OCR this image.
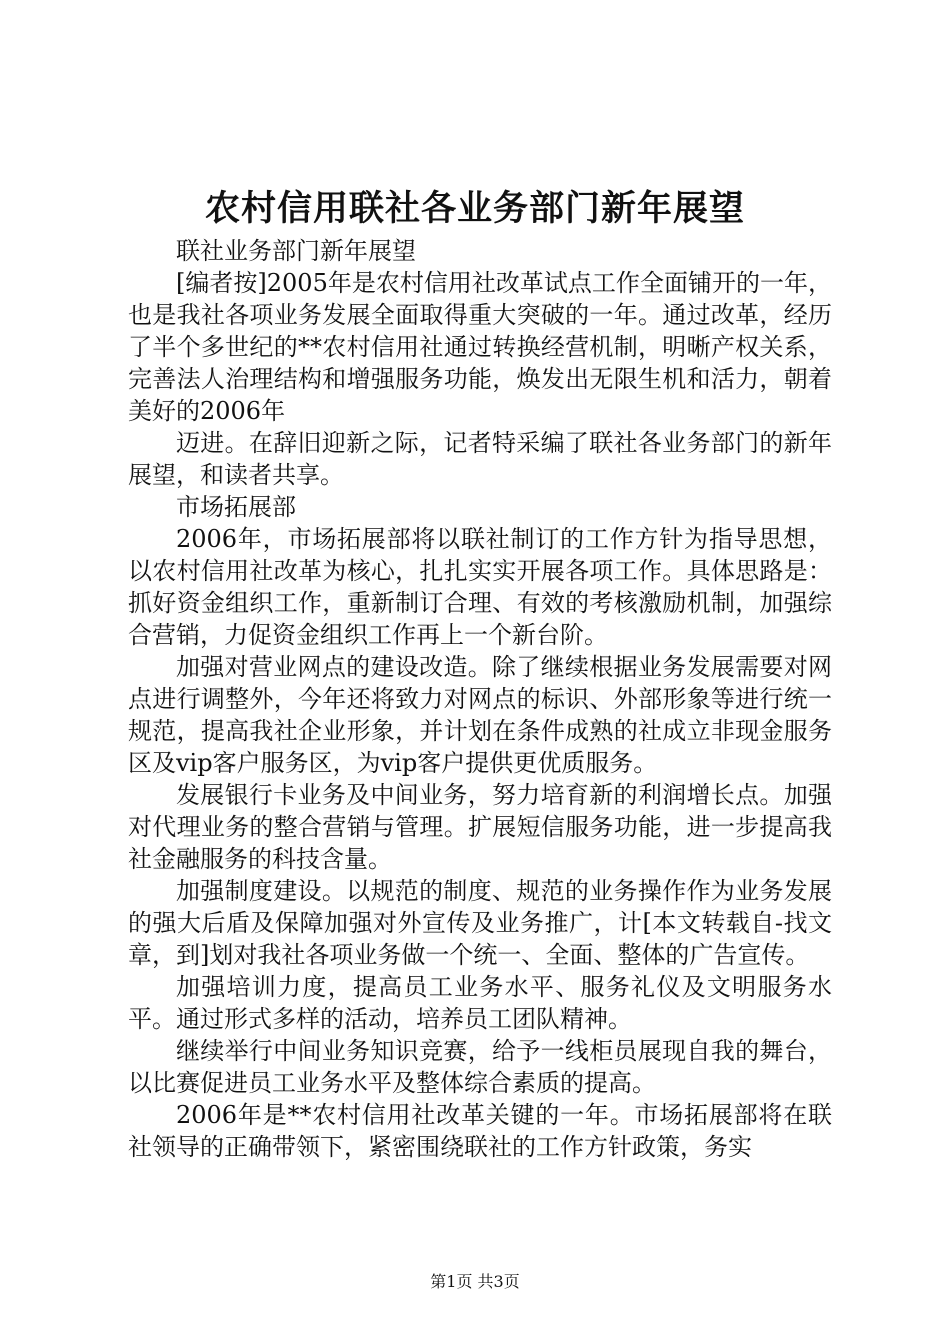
农村信用联社各业务部门新年展望

联社业务部门新年展望

[编者按]2005年是农村信用社改革试点工作全面铺开的一年，也是我社各项业务发展全面取得重大突破的一年。通过改革，经历了半个多世纪的**农村信用社通过转换经营机制，明晰产权关系，完善法人治理结构和增强服务功能，焕发出无限生机和活力，朝着美好的2006年

迈进。在辞旧迎新之际，记者特采编了联社各业务部门的新年展望，和读者共享。

市场拓展部

2006年，市场拓展部将以联社制订的工作方针为指导思想，以农村信用社改革为核心，扎扎实实开展各项工作。具体思路是：抓好资金组织工作，重新制订合理、有效的考核激励机制，加强综合营销，力促资金组织工作再上一个新台阶。

加强对营业网点的建设改造。除了继续根据业务发展需要对网点进行调整外，今年还将致力对网点的标识、外部形象等进行统一规范，提高我社企业形象，并计划在条件成熟的社成立非现金服务区及vip客户服务区，为vip客户提供更优质服务。

发展银行卡业务及中间业务，努力培育新的利润增长点。加强对代理业务的整合营销与管理。扩展短信服务功能，进一步提高我社金融服务的科技含量。

加强制度建设。以规范的制度、规范的业务操作作为业务发展的强大后盾及保障加强对外宣传及业务推广，计[本文转载自-找文章，到]划对我社各项业务做一个统一、全面、整体的广告宣传。

加强培训力度，提高员工业务水平、服务礼仪及文明服务水平。通过形式多样的活动，培养员工团队精神。

继续举行中间业务知识竞赛，给予一线柜员展现自我的舞台，以比赛促进员工业务水平及整体综合素质的提高。

2006年是**农村信用社改革关键的一年。市场拓展部将在联社领导的正确带领下，紧密围绕联社的工作方针政策，务实

第1页 共3页
